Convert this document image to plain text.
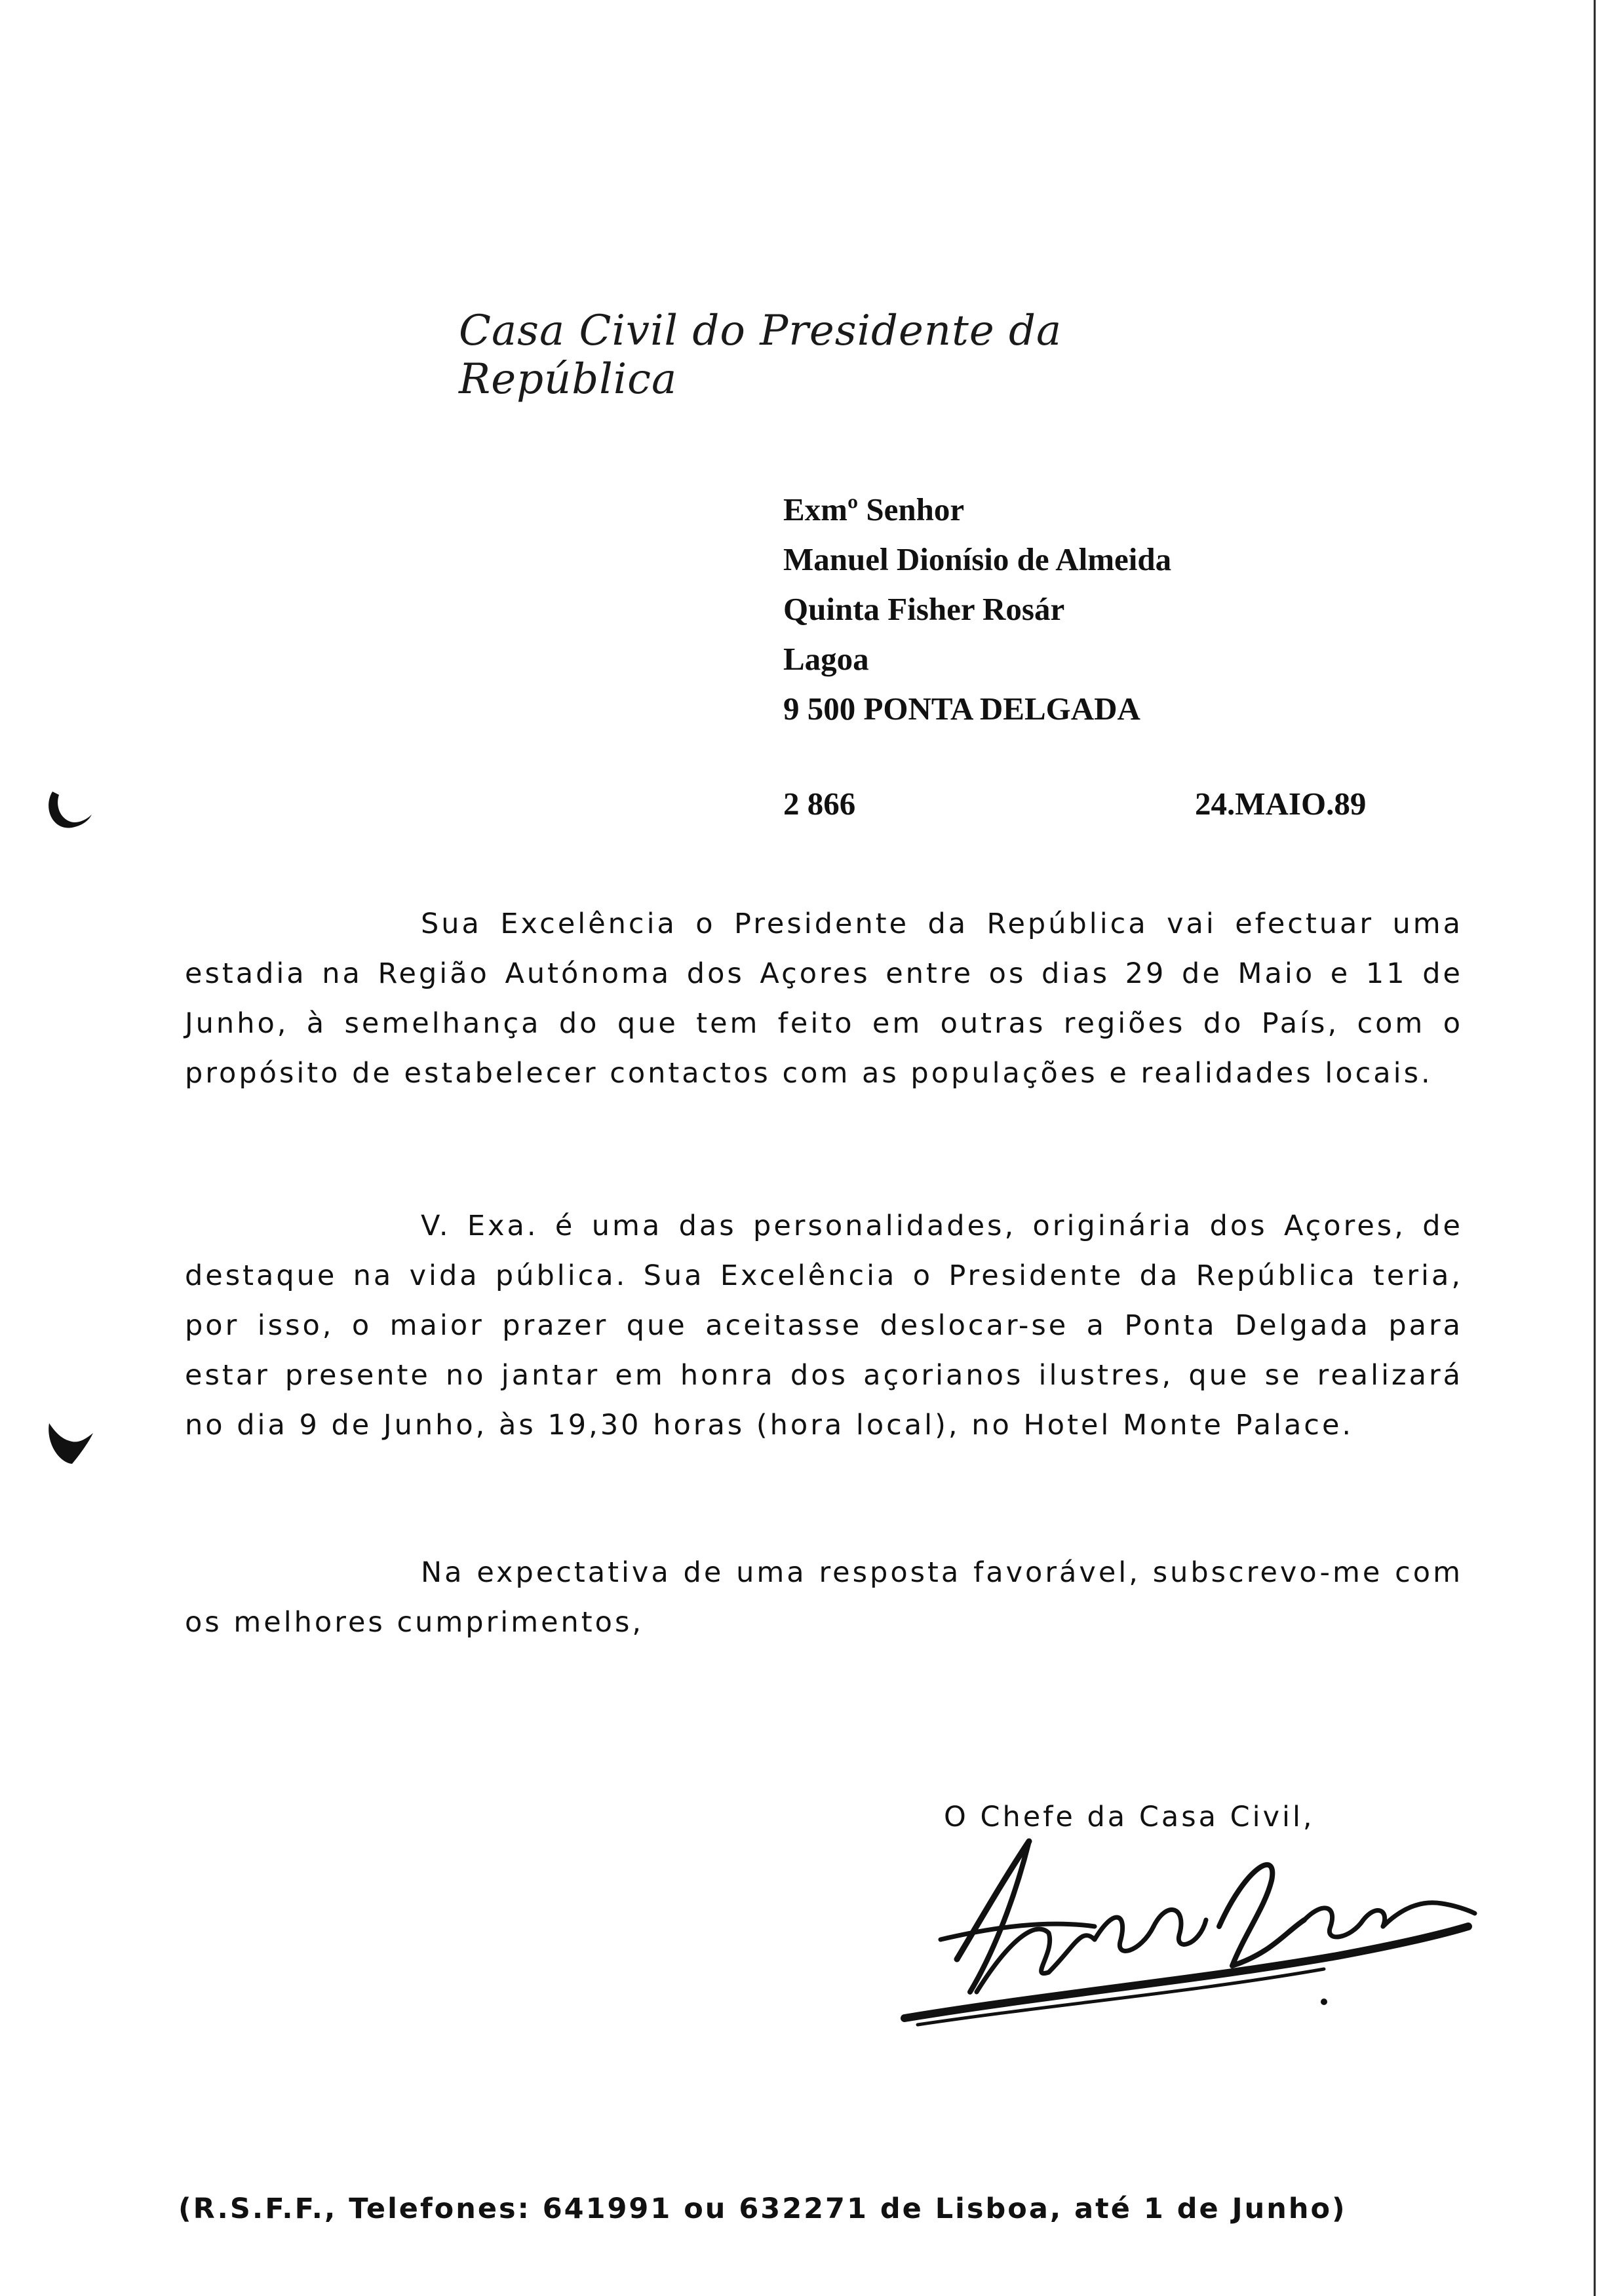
Casa Civil do Presidente da República
Exmº Senhor
Manuel Dionísio de Almeida
Quinta Fisher Rosár
Lagoa
9 500 PONTA DELGADA
2 866	24.MAIO.89

Sua Excelência o Presidente da República vai efectuar uma estadia na Região Autónoma dos Açores entre os dias 29 de Maio e 11 de Junho, à semelhança do que tem feito em outras regiões do País, com o propósito de estabelecer contactos com as populações e realidades locais.

V. Exa. é uma das personalidades, originária dos Açores, de destaque na vida pública. Sua Excelência o Presidente da República teria, por isso, o maior prazer que aceitasse deslocar-se a Ponta Delgada para estar presente no jantar em honra dos açorianos ilustres, que se realizará no dia 9 de Junho, às 19,30 horas (hora local), no Hotel Monte Palace.

Na expectativa de uma resposta favorável, subscrevo-me com os melhores cumprimentos,

O Chefe da Casa Civil,
(R.S.F.F., Telefones: 641991 ou 632271 de Lisboa, até 1 de Junho)
